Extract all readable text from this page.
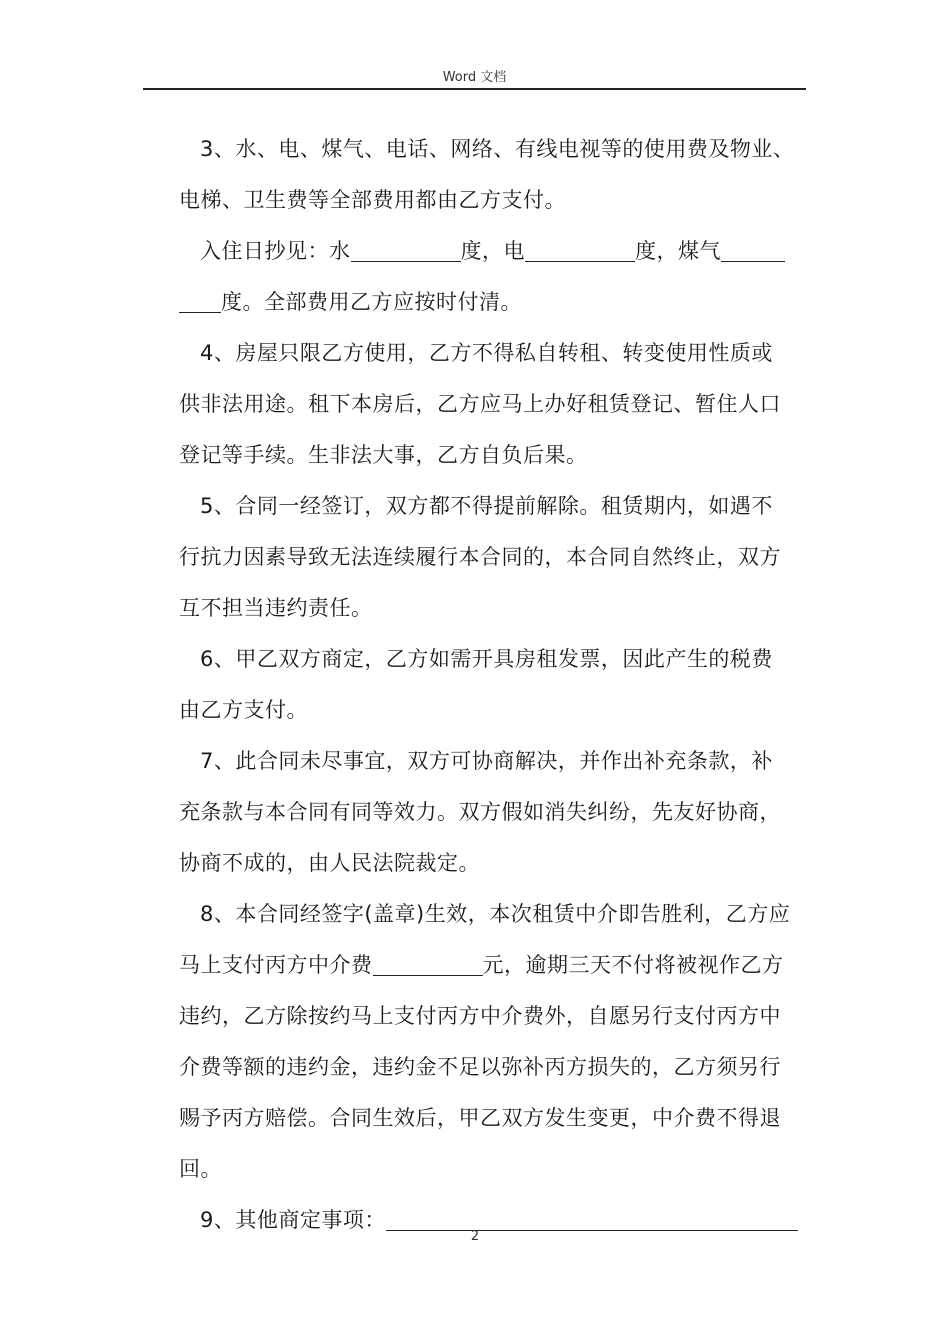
Word 文档
3、水、电、煤气、电话、网络、有线电视等的使用费及物业、
电梯、卫生费等全部费用都由乙方支付。
入住日抄见：水	度，电	度，煤气
度。全部费用乙方应按时付清。
4、房屋只限乙方使用，乙方不得私自转租、转变使用性质或
供非法用途。租下本房后，乙方应马上办好租赁登记、暂住人口
登记等手续。生非法大事，乙方自负后果。
5、合同一经签订，双方都不得提前解除。租赁期内，如遇不
行抗力因素导致无法连续履行本合同的，本合同自然终止，双方
互不担当违约责任。
6、甲乙双方商定，乙方如需开具房租发票，因此产生的税费
由乙方支付。
7、此合同未尽事宜，双方可协商解决，并作出补充条款，补
充条款与本合同有同等效力。双方假如消失纠纷，先友好协商，
协商不成的，由人民法院裁定。
8、本合同经签字(盖章)生效，本次租赁中介即告胜利，乙方应
马上支付丙方中介费	元，逾期三天不付将被视作乙方
违约，乙方除按约马上支付丙方中介费外，自愿另行支付丙方中
介费等额的违约金，违约金不足以弥补丙方损失的，乙方须另行
赐予丙方赔偿。合同生效后，甲乙双方发生变更，中介费不得退
回。
9、其他商定事项：
2
